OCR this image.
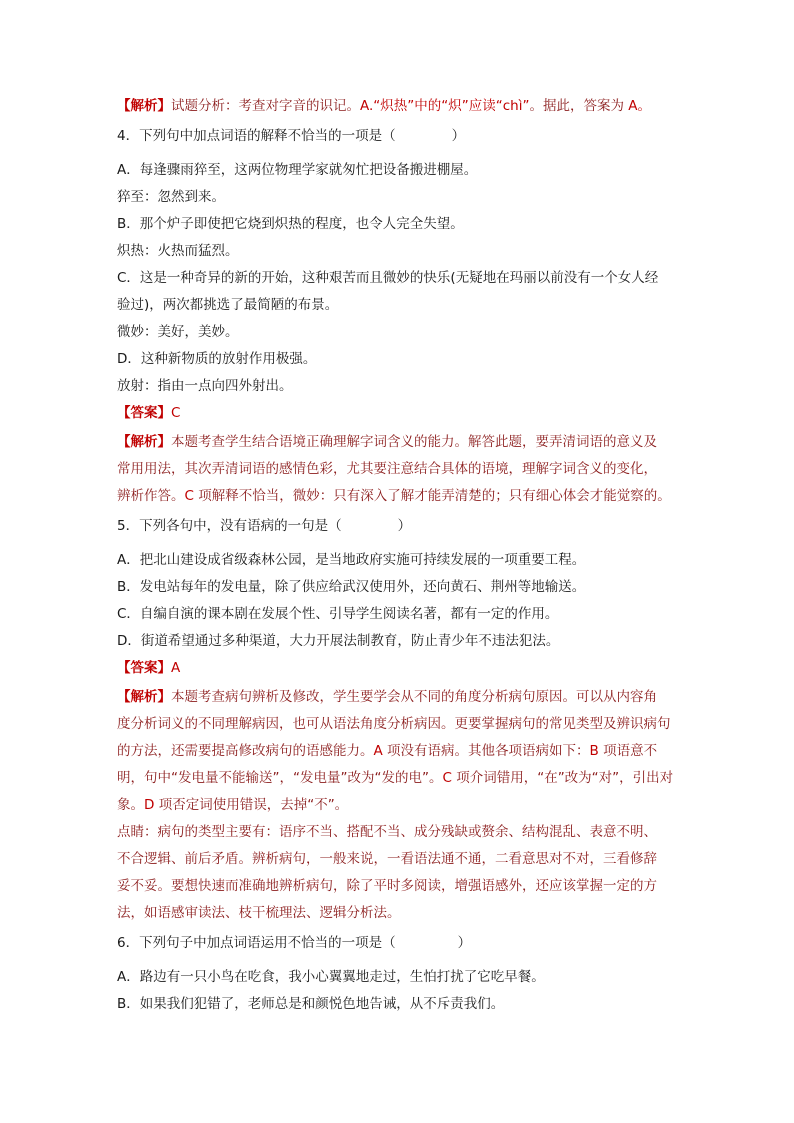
【解析】试题分析：考查对字音的识记。A.“炽热”中的“炽”应读“chì”。据此，答案为 A。
4．下列句中加点词语的解释不恰当的一项是（	）
A．每逢骤雨猝至，这两位物理学家就匆忙把设备搬进棚屋。
猝至：忽然到来。
B．那个炉子即使把它烧到炽热的程度，也令人完全失望。
炽热：火热而猛烈。
C．这是一种奇异的新的开始，这种艰苦而且微妙的快乐(无疑地在玛丽以前没有一个女人经
验过)，两次都挑选了最简陋的布景。
微妙：美好，美妙。
D．这种新物质的放射作用极强。
放射：指由一点向四外射出。
【答案】C
【解析】本题考查学生结合语境正确理解字词含义的能力。解答此题，要弄清词语的意义及
常用用法，其次弄清词语的感情色彩，尤其要注意结合具体的语境，理解字词含义的变化，
辨析作答。C 项解释不恰当，微妙：只有深入了解才能弄清楚的；只有细心体会才能觉察的。
5．下列各句中，没有语病的一句是（	）
A．把北山建设成省级森林公园，是当地政府实施可持续发展的一项重要工程。
B．发电站每年的发电量，除了供应给武汉使用外，还向黄石、荆州等地输送。
C．自编自演的课本剧在发展个性、引导学生阅读名著，都有一定的作用。
D．街道希望通过多种渠道，大力开展法制教育，防止青少年不违法犯法。
【答案】A
【解析】本题考查病句辨析及修改，学生要学会从不同的角度分析病句原因。可以从内容角
度分析词义的不同理解病因，也可从语法角度分析病因。更要掌握病句的常见类型及辨识病句
的方法，还需要提高修改病句的语感能力。A 项没有语病。其他各项语病如下：B 项语意不
明，句中“发电量不能输送”，“发电量”改为“发的电”。C 项介词错用，“在”改为“对”，引出对
象。D 项否定词使用错误，去掉“不”。
点睛：病句的类型主要有：语序不当、搭配不当、成分残缺或赘余、结构混乱、表意不明、
不合逻辑、前后矛盾。辨析病句，一般来说，一看语法通不通，二看意思对不对，三看修辞
妥不妥。要想快速而准确地辨析病句，除了平时多阅读，增强语感外，还应该掌握一定的方
法，如语感审读法、枝干梳理法、逻辑分析法。
6．下列句子中加点词语运用不恰当的一项是（	）
A．路边有一只小鸟在吃食，我小心翼翼地走过，生怕打扰了它吃早餐。
B．如果我们犯错了，老师总是和颜悦色地告诫，从不斥责我们。
